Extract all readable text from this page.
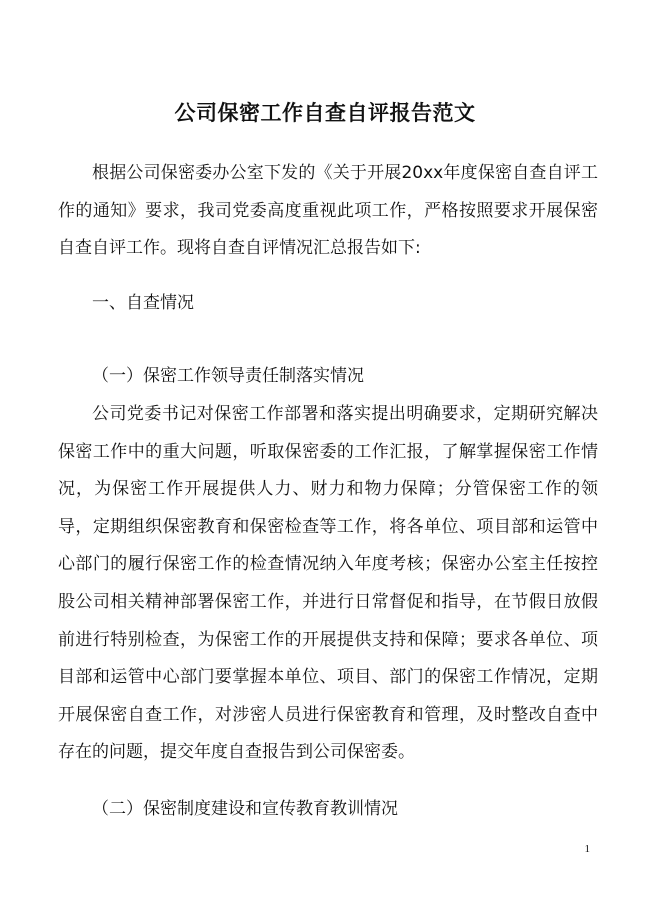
公司保密工作自查自评报告范文
根据公司保密委办公室下发的《关于开展20xx年度保密自查自评工作的通知》要求，我司党委高度重视此项工作，严格按照要求开展保密自查自评工作。现将自查自评情况汇总报告如下:
一、自查情况
（一）保密工作领导责任制落实情况
公司党委书记对保密工作部署和落实提出明确要求，定期研究解决保密工作中的重大问题，听取保密委的工作汇报，了解掌握保密工作情况，为保密工作开展提供人力、财力和物力保障；分管保密工作的领导，定期组织保密教育和保密检查等工作，将各单位、项目部和运管中心部门的履行保密工作的检查情况纳入年度考核；保密办公室主任按控股公司相关精神部署保密工作，并进行日常督促和指导，在节假日放假前进行特别检查，为保密工作的开展提供支持和保障；要求各单位、项目部和运管中心部门要掌握本单位、项目、部门的保密工作情况，定期开展保密自查工作，对涉密人员进行保密教育和管理，及时整改自查中存在的问题，提交年度自查报告到公司保密委。
（二）保密制度建设和宣传教育教训情况
1
